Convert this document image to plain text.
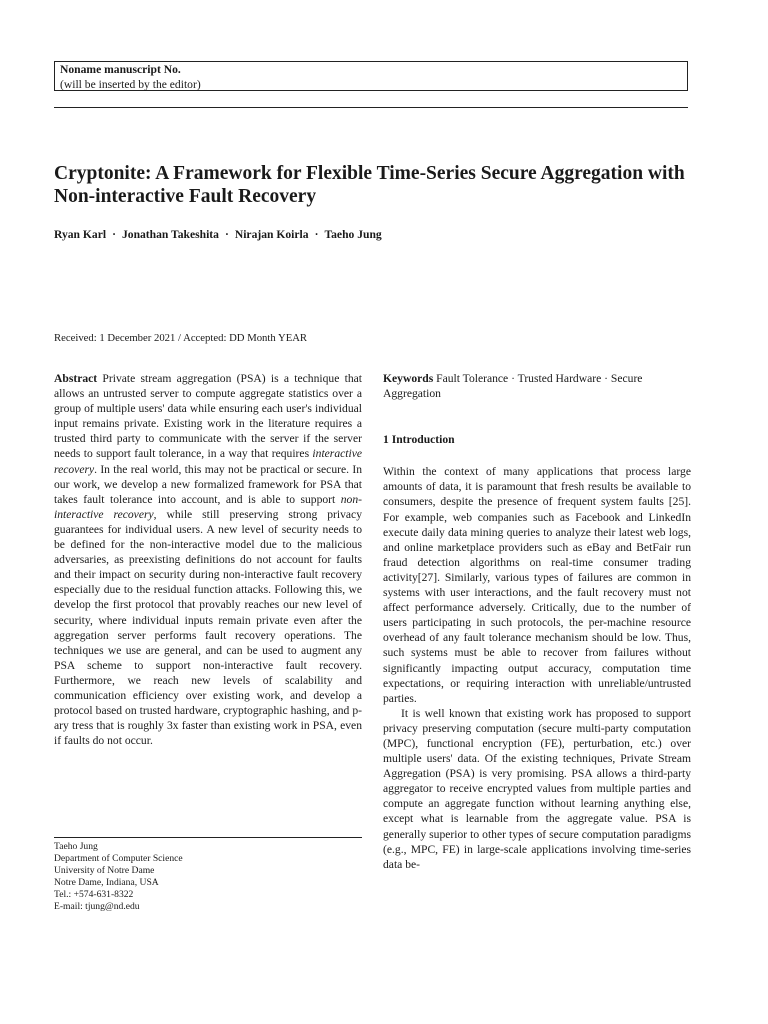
Noname manuscript No.
(will be inserted by the editor)
Cryptonite: A Framework for Flexible Time-Series Secure Aggregation with Non-interactive Fault Recovery
Ryan Karl · Jonathan Takeshita · Nirajan Koirla · Taeho Jung
Received: 1 December 2021 / Accepted: DD Month YEAR

Abstract Private stream aggregation (PSA) is a technique that allows an untrusted server to compute aggregate statistics over a group of multiple users' data while ensuring each user's individual input remains private. Existing work in the literature requires a trusted third party to communicate with the server if the server needs to support fault tolerance, in a way that requires interactive recovery. In the real world, this may not be practical or secure. In our work, we develop a new formalized framework for PSA that takes fault tolerance into account, and is able to support non-interactive recovery, while still preserving strong privacy guarantees for individual users. A new level of security needs to be defined for the non-interactive model due to the malicious adversaries, as preexisting definitions do not account for faults and their impact on security during non-interactive fault recovery especially due to the residual function attacks. Following this, we develop the first protocol that provably reaches our new level of security, where individual inputs remain private even after the aggregation server performs fault recovery operations. The techniques we use are general, and can be used to augment any PSA scheme to support non-interactive fault recovery. Furthermore, we reach new levels of scalability and communication efficiency over existing work, and develop a protocol based on trusted hardware, cryptographic hashing, and p-ary tress that is roughly 3x faster than existing work in PSA, even if faults do not occur.

Taeho Jung
Department of Computer Science
University of Notre Dame
Notre Dame, Indiana, USA
Tel.: +574-631-8322
E-mail: tjung@nd.edu

Keywords Fault Tolerance · Trusted Hardware · Secure Aggregation

1 Introduction

Within the context of many applications that process large amounts of data, it is paramount that fresh results be available to consumers, despite the presence of frequent system faults [25]. For example, web companies such as Facebook and LinkedIn execute daily data mining queries to analyze their latest web logs, and online marketplace providers such as eBay and BetFair run fraud detection algorithms on real-time consumer trading activity[27]. Similarly, various types of failures are common in systems with user interactions, and the fault recovery must not affect performance adversely. Critically, due to the number of users participating in such protocols, the per-machine resource overhead of any fault tolerance mechanism should be low. Thus, such systems must be able to recover from failures without significantly impacting output accuracy, computation time expectations, or requiring interaction with unreliable/untrusted parties.

It is well known that existing work has proposed to support privacy preserving computation (secure multi-party computation (MPC), functional encryption (FE), perturbation, etc.) over multiple users' data. Of the existing techniques, Private Stream Aggregation (PSA) is very promising. PSA allows a third-party aggregator to receive encrypted values from multiple parties and compute an aggregate function without learning anything else, except what is learnable from the aggregate value. PSA is generally superior to other types of secure computation paradigms (e.g., MPC, FE) in large-scale applications involving time-series data be-
